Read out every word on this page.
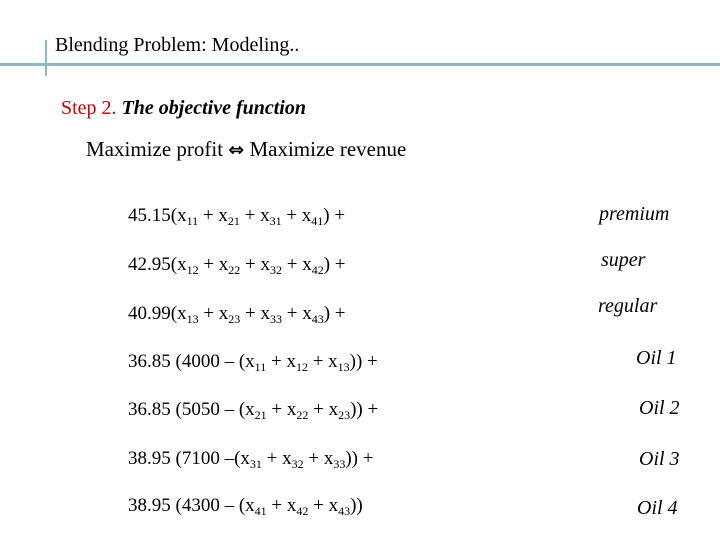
Blending Problem: Modeling..
Step 2. The objective function
Maximize profit ⇔ Maximize revenue
$45.15(x_{11} + x_{21} + x_{31} + x_{41})$ +	premium
$42.95(x_{12} + x_{22} + x_{32} + x_{42})$ +	super
$40.99(x_{13} + x_{23} + x_{33} + x_{43})$ +	regular
36.85 $(4000 - (x_{11} + x_{12} + x_{13}))$ +	Oil 1
36.85 $(5050 - (x_{21} + x_{22} + x_{23}))$ +	Oil 2
38.95 (7100 $-(x_{31} + x_{32} + x_{33})$) +	Oil 3
38.95 $(4300 - (x_{41} + x_{42} + x_{43}))$	Oil 4
